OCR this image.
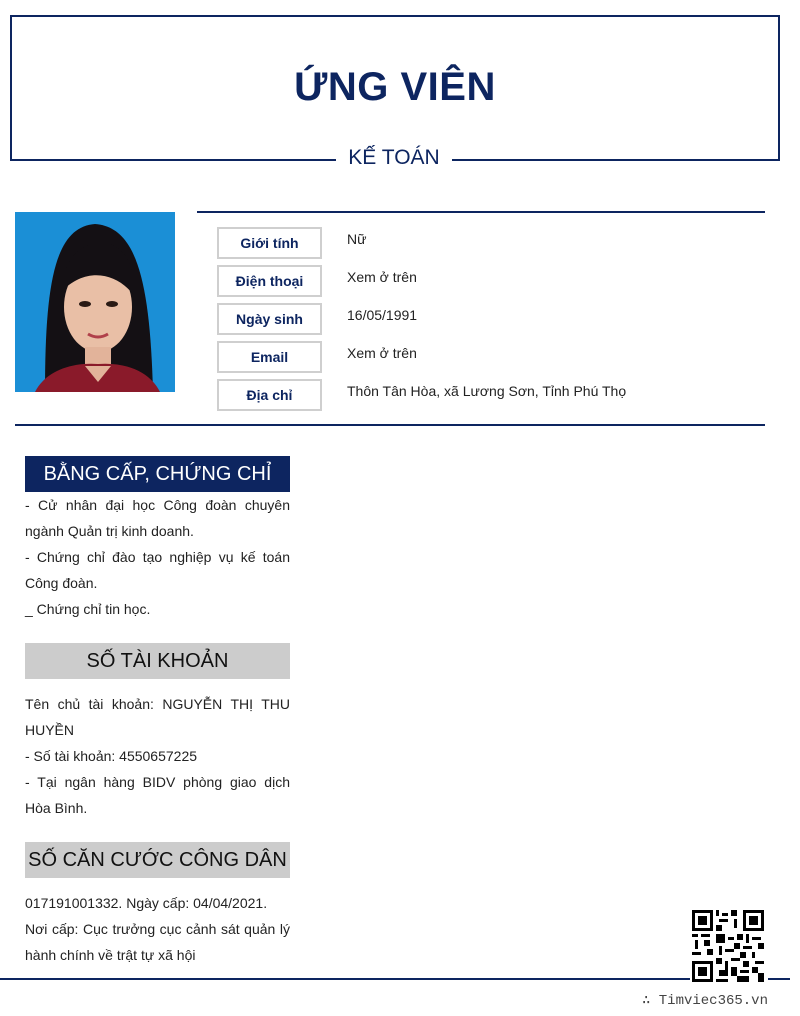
ỨNG VIÊN
KẾ TOÁN
Giới tính	Nữ
Điện thoại	Xem ở trên
Ngày sinh	16/05/1991
Email	Xem ở trên
Địa chỉ	Thôn Tân Hòa, xã Lương Sơn, Tỉnh Phú Thọ
BẰNG CẤP, CHỨNG CHỈ

- Cử nhân đại học Công đoàn chuyên ngành Quản trị kinh doanh.

- Chứng chỉ đào tạo nghiệp vụ kế toán Công đoàn.

_ Chứng chỉ tin học.

SỐ TÀI KHOẢN

Tên chủ tài khoản: NGUYỄN THỊ THU HUYỀN

- Số tài khoản: 4550657225

- Tại ngân hàng BIDV phòng giao dịch Hòa Bình.

SỐ CĂN CƯỚC CÔNG DÂN

017191001332. Ngày cấp: 04/04/2021.

Nơi cấp: Cục trưởng cục cảnh sát quản lý hành chính về trật tự xã hội

∴ Timviec365.vn
